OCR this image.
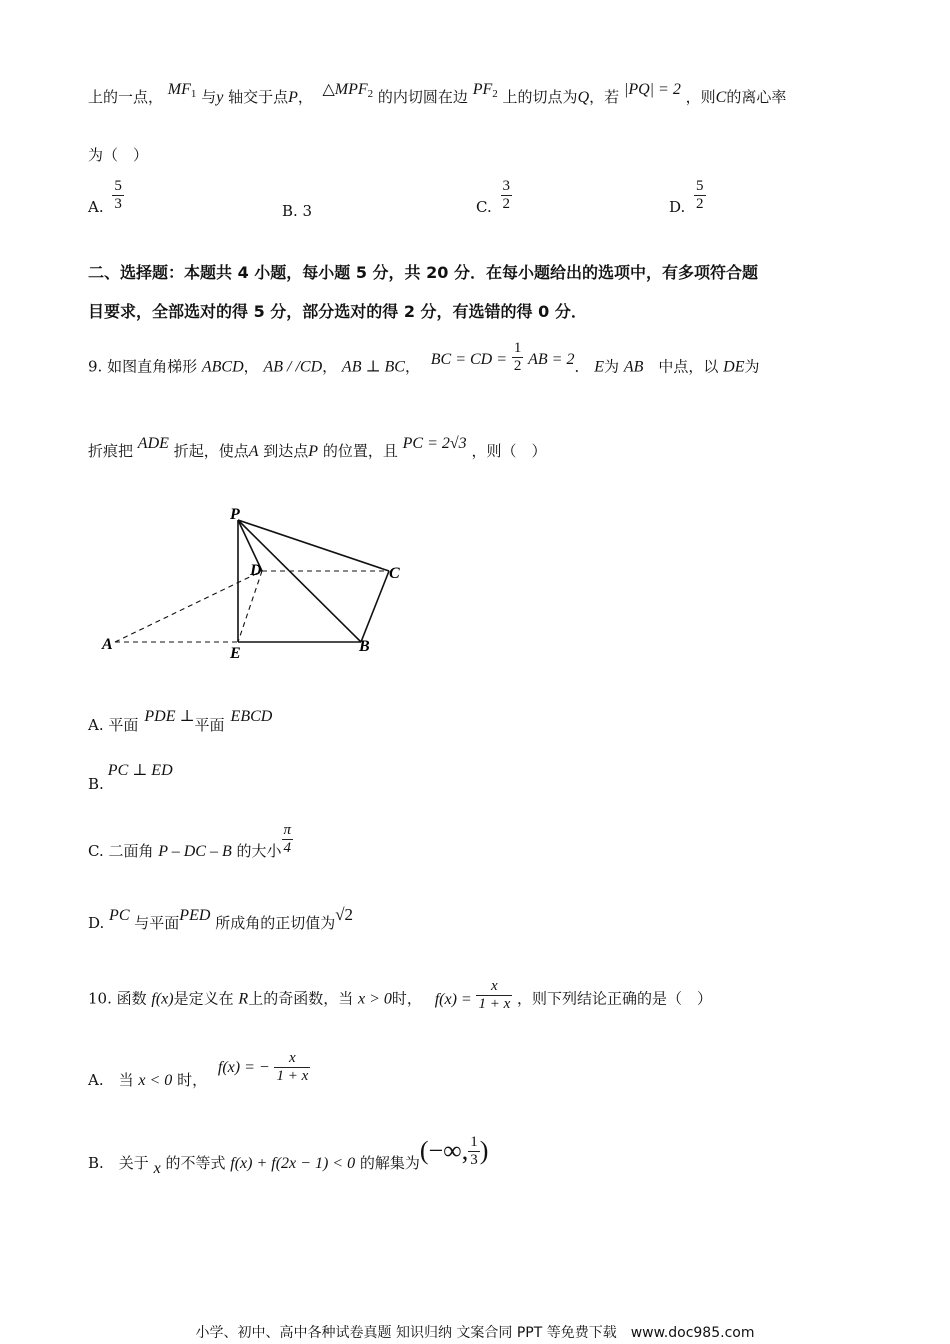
上的一点， $MF_1$ 与y 轴交于点P， $\triangle MPF_2$ 的内切圆在边 $PF_2$ 上的切点为Q，若 |PQ| = 2 ，则C的离心率
为（　）
A. $\frac{5}{3}$	B. 3	C. $\frac{3}{2}$	D. $\frac{5}{2}$
二、选择题：本题共 4 小题，每小题 5 分，共 20 分．在每小题给出的选项中，有多项符合题
目要求，全部选对的得 5 分，部分选对的得 2 分，有选错的得 0 分．
9. 如图直角梯形 ABCD， AB / /CD， AB ⊥ BC， BC = CD = $\frac{1}{2}$ AB = 2． E为 AB　中点，以 DE为
折痕把 ADE 折起，使点A 到达点P 的位置，且 PC = 2√3 ，则（　）
P
D	C
A
E	B
A. 平面 PDE ⊥平面 EBCD
B.PC ⊥ ED
C. 二面角 P – DC – B 的大小 $\frac{\pi}{4}$
D. PC 与平面PED 所成角的正切值为√2
10. 函数 f(x)是定义在 R上的奇函数，当 x > 0时， $f(x) = \frac{x}{1 + x}$ ，则下列结论正确的是（　）
A.　当 x < 0 时， f(x) = − $\frac{x}{1 + x}$
B.　关于 x 的不等式 f(x) + f(2x − 1) < 0 的解集为(−∞, $\frac{1}{3}$ )
小学、初中、高中各种试卷真题 知识归纳 文案合同 PPT 等免费下载　www.doc985.com
